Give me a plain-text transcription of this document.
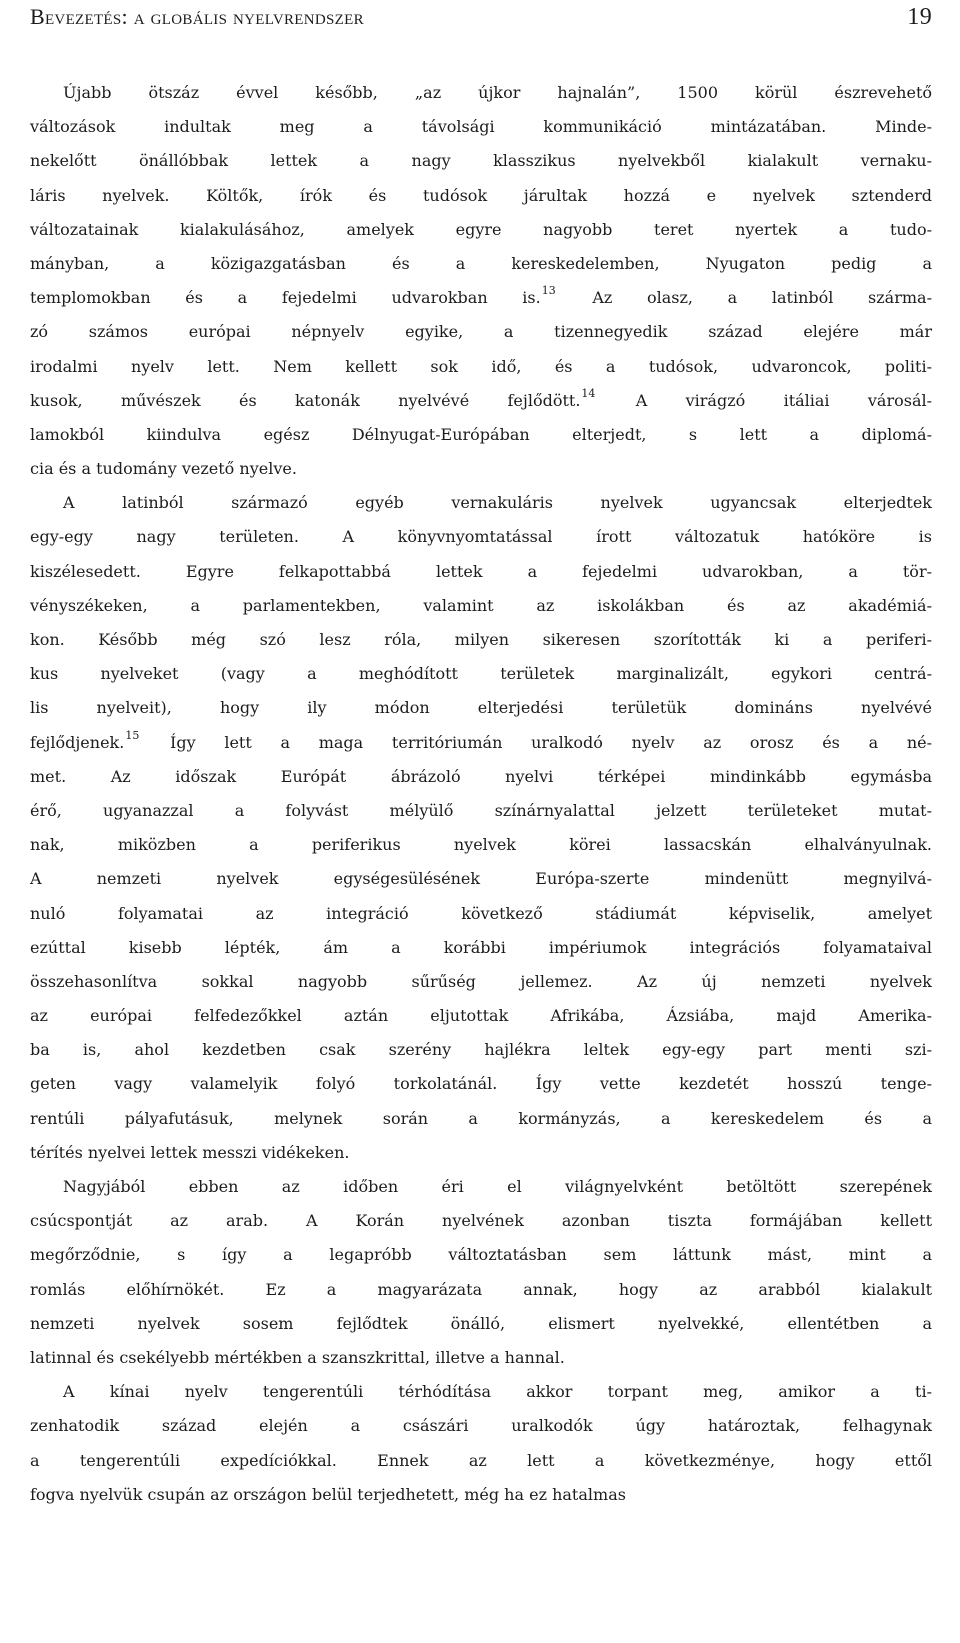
Bevezetés: a globális nyelvrendszer	19
Újabb ötszáz évvel később, „az újkor hajnalán”, 1500 körül észrevehető
változások indultak meg a távolsági kommunikáció mintázatában. Minde-
nekelőtt önállóbbak lettek a nagy klasszikus nyelvekből kialakult vernaku-
láris nyelvek. Költők, írók és tudósok járultak hozzá e nyelvek sztenderd
változatainak kialakulásához, amelyek egyre nagyobb teret nyertek a tudo-
mányban, a közigazgatásban és a kereskedelemben, Nyugaton pedig a
templomokban és a fejedelmi udvarokban is.$^{13}$ Az olasz, a latinból szárma-
zó számos európai népnyelv egyike, a tizennegyedik század elejére már
irodalmi nyelv lett. Nem kellett sok idő, és a tudósok, udvaroncok, politi-
kusok, művészek és katonák nyelvévé fejlődött.$^{14}$ A virágzó itáliai városál-
lamokból kiindulva egész Délnyugat-Európában elterjedt, s lett a diplomá-
cia és a tudomány vezető nyelve.
A latinból származó egyéb vernakuláris nyelvek ugyancsak elterjedtek
egy-egy nagy területen. A könyvnyomtatással írott változatuk hatóköre is
kiszélesedett. Egyre felkapottabbá lettek a fejedelmi udvarokban, a tör-
vényszékeken, a parlamentekben, valamint az iskolákban és az akadémiá-
kon. Később még szó lesz róla, milyen sikeresen szorították ki a periferi-
kus nyelveket (vagy a meghódított területek marginalizált, egykori centrá-
lis nyelveit), hogy ily módon elterjedési területük domináns nyelvévé
fejlődjenek.$^{15}$ Így lett a maga territóriumán uralkodó nyelv az orosz és a né-
met. Az időszak Európát ábrázoló nyelvi térképei mindinkább egymásba
érő, ugyanazzal a folyvást mélyülő színárnyalattal jelzett területeket mutat-
nak, miközben a periferikus nyelvek körei lassacskán elhalványulnak.
A nemzeti nyelvek egységesülésének Európa-szerte mindenütt megnyilvá-
nuló folyamatai az integráció következő stádiumát képviselik, amelyet
ezúttal kisebb lépték, ám a korábbi impériumok integrációs folyamataival
összehasonlítva sokkal nagyobb sűrűség jellemez. Az új nemzeti nyelvek
az európai felfedezőkkel aztán eljutottak Afrikába, Ázsiába, majd Amerika-
ba is, ahol kezdetben csak szerény hajlékra leltek egy-egy part menti szi-
geten vagy valamelyik folyó torkolatánál. Így vette kezdetét hosszú tenge-
rentúli pályafutásuk, melynek során a kormányzás, a kereskedelem és a
térítés nyelvei lettek messzi vidékeken.
Nagyjából ebben az időben éri el világnyelvként betöltött szerepének
csúcspontját az arab. A Korán nyelvének azonban tiszta formájában kellett
megőrződnie, s így a legapróbb változtatásban sem láttunk mást, mint a
romlás előhírnökét. Ez a magyarázata annak, hogy az arabból kialakult
nemzeti nyelvek sosem fejlődtek önálló, elismert nyelvekké, ellentétben a
latinnal és csekélyebb mértékben a szanszkrittal, illetve a hannal.
A kínai nyelv tengerentúli térhódítása akkor torpant meg, amikor a ti-
zenhatodik század elején a császári uralkodók úgy határoztak, felhagynak
a tengerentúli expedíciókkal. Ennek az lett a következménye, hogy ettől
fogva nyelvük csupán az országon belül terjedhetett, még ha ez hatalmas
